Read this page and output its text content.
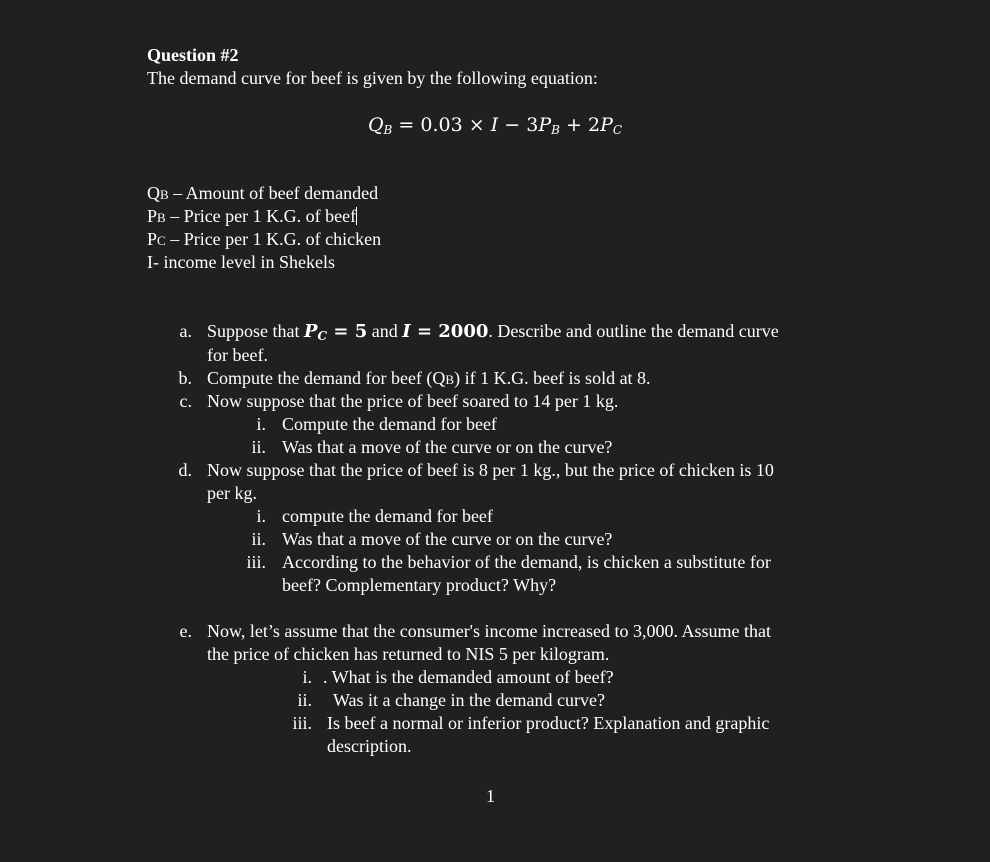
Question #2
The demand curve for beef is given by the following equation:
$Q_B = 0.03 \times I - 3P_B + 2P_C$
QB – Amount of beef demanded
PB – Price per 1 K.G. of beef
PC – Price per 1 K.G. of chicken
I- income level in Shekels
a. Suppose that $P_C = 5$ and I = 2000. Describe and outline the demand curve
for beef.
b. Compute the demand for beef (QB) if 1 K.G. beef is sold at 8.
c. Now suppose that the price of beef soared to 14 per 1 kg.
i. Compute the demand for beef
ii. Was that a move of the curve or on the curve?
d. Now suppose that the price of beef is 8 per 1 kg., but the price of chicken is 10
per kg.
i. compute the demand for beef
ii. Was that a move of the curve or on the curve?
iii. According to the behavior of the demand, is chicken a substitute for
beef? Complementary product? Why?
e. Now, let’s assume that the consumer's income increased to 3,000. Assume that
the price of chicken has returned to NIS 5 per kilogram.
i. . What is the demanded amount of beef?
ii. Was it a change in the demand curve?
iii. Is beef a normal or inferior product? Explanation and graphic
description.
1
